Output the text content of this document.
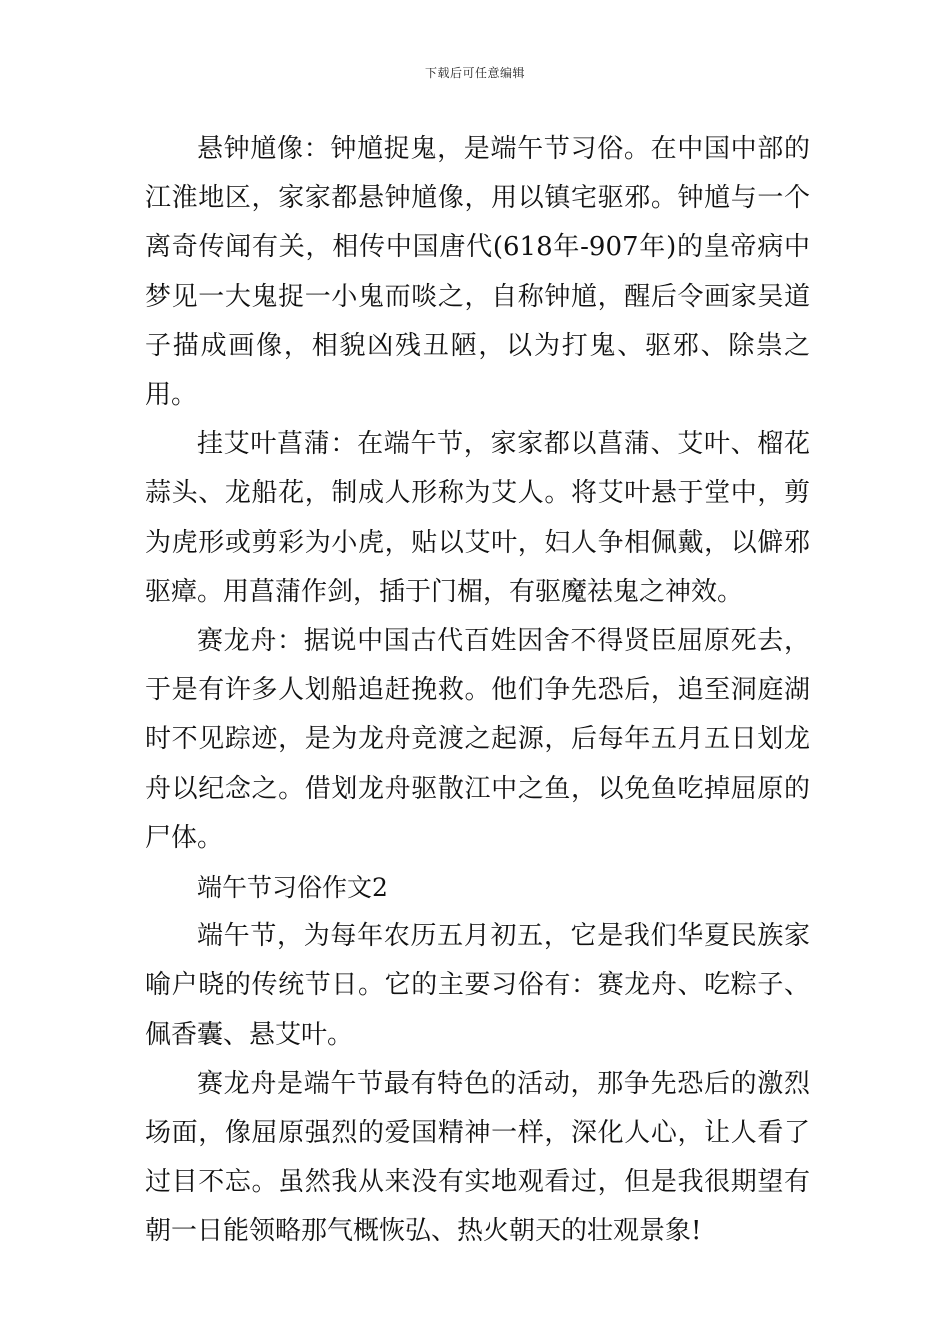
下载后可任意编辑

悬钟馗像：钟馗捉鬼，是端午节习俗。在中国中部的江淮地区，家家都悬钟馗像，用以镇宅驱邪。钟馗与一个离奇传闻有关，相传中国唐代(618年-907年)的皇帝病中梦见一大鬼捉一小鬼而啖之，自称钟馗，醒后令画家吴道子描成画像，相貌凶残丑陋，以为打鬼、驱邪、除祟之用。

挂艾叶菖蒲：在端午节，家家都以菖蒲、艾叶、榴花蒜头、龙船花，制成人形称为艾人。将艾叶悬于堂中，剪为虎形或剪彩为小虎，贴以艾叶，妇人争相佩戴，以僻邪驱瘴。用菖蒲作剑，插于门楣，有驱魔祛鬼之神效。

赛龙舟：据说中国古代百姓因舍不得贤臣屈原死去，于是有许多人划船追赶挽救。他们争先恐后，追至洞庭湖时不见踪迹，是为龙舟竞渡之起源，后每年五月五日划龙舟以纪念之。借划龙舟驱散江中之鱼，以免鱼吃掉屈原的尸体。

端午节习俗作文2

端午节，为每年农历五月初五，它是我们华夏民族家喻户晓的传统节日。它的主要习俗有：赛龙舟、吃粽子、佩香囊、悬艾叶。

赛龙舟是端午节最有特色的活动，那争先恐后的激烈场面，像屈原强烈的爱国精神一样，深化人心，让人看了过目不忘。虽然我从来没有实地观看过，但是我很期望有朝一日能领略那气概恢弘、热火朝天的壮观景象!
